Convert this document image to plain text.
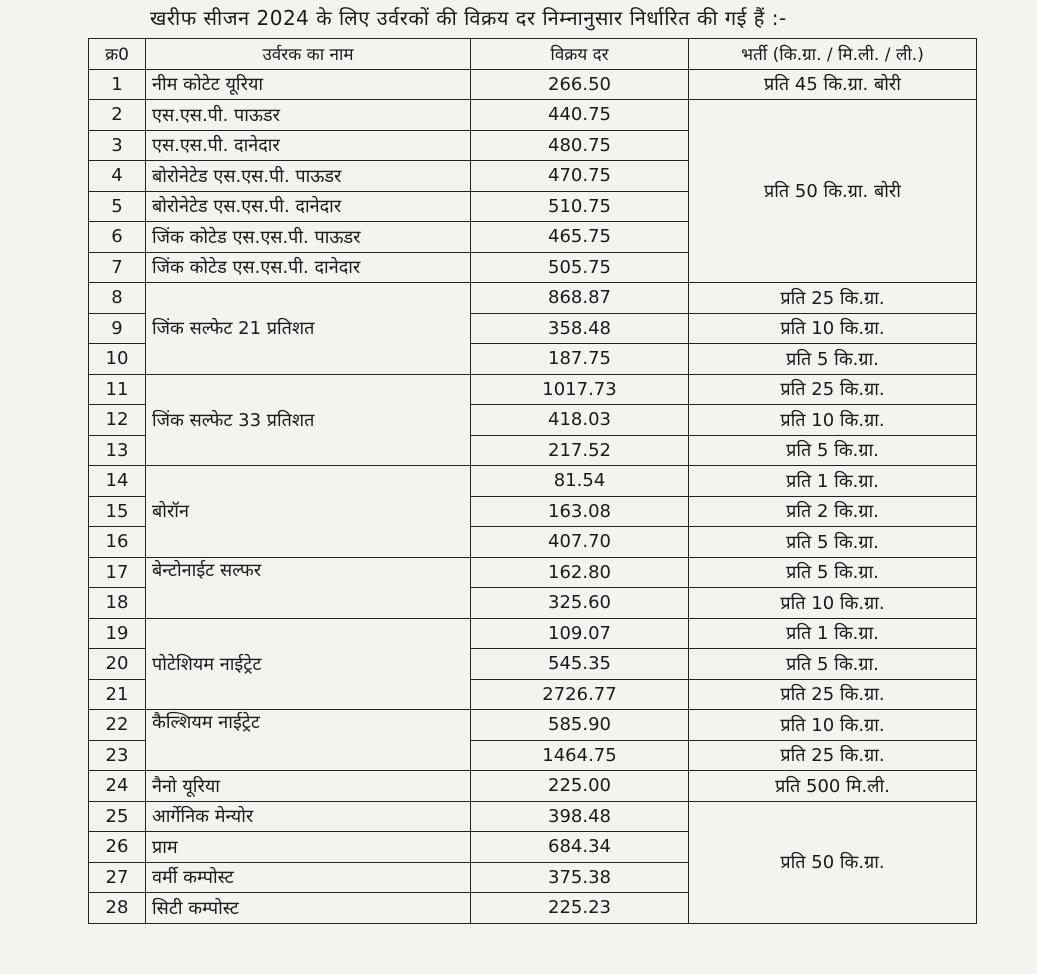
खरीफ सीजन 2024 के लिए उर्वरकों की विक्रय दर निम्नानुसार निर्धारित की गई हैं :-
क्र0	उर्वरक का नाम	विक्रय दर	भर्ती (कि.ग्रा. / मि.ली. / ली.)
1	नीम कोटेट यूरिया	266.50	प्रति 45 कि.ग्रा. बोरी
2	एस.एस.पी. पाऊडर	440.75	प्रति 50 कि.ग्रा. बोरी
3	एस.एस.पी. दानेदार	480.75	
4	बोरोनेटेड एस.एस.पी. पाऊडर	470.75	
5	बोरोनेटेड एस.एस.पी. दानेदार	510.75	
6	जिंक कोटेड एस.एस.पी. पाऊडर	465.75	
7	जिंक कोटेड एस.एस.पी. दानेदार	505.75	
8	जिंक सल्फेट 21 प्रतिशत	868.87	प्रति 25 कि.ग्रा.
9		358.48	प्रति 10 कि.ग्रा.
10		187.75	प्रति 5 कि.ग्रा.
11	जिंक सल्फेट 33 प्रतिशत	1017.73	प्रति 25 कि.ग्रा.
12		418.03	प्रति 10 कि.ग्रा.
13		217.52	प्रति 5 कि.ग्रा.
14	बोरॉन	81.54	प्रति 1 कि.ग्रा.
15		163.08	प्रति 2 कि.ग्रा.
16		407.70	प्रति 5 कि.ग्रा.
17	बेन्टोनाईट सल्फर	162.80	प्रति 5 कि.ग्रा.
18		325.60	प्रति 10 कि.ग्रा.
19	पोटेशियम नाईट्रेट	109.07	प्रति 1 कि.ग्रा.
20		545.35	प्रति 5 कि.ग्रा.
21		2726.77	प्रति 25 कि.ग्रा.
22	कैल्शियम नाईट्रेट	585.90	प्रति 10 कि.ग्रा.
23		1464.75	प्रति 25 कि.ग्रा.
24	नैनो यूरिया	225.00	प्रति 500 मि.ली.
25	आर्गेनिक मेन्योर	398.48	प्रति 50 कि.ग्रा.
26	प्राम	684.34	
27	वर्मी कम्पोस्ट	375.38	
28	सिटी कम्पोस्ट	225.23	
